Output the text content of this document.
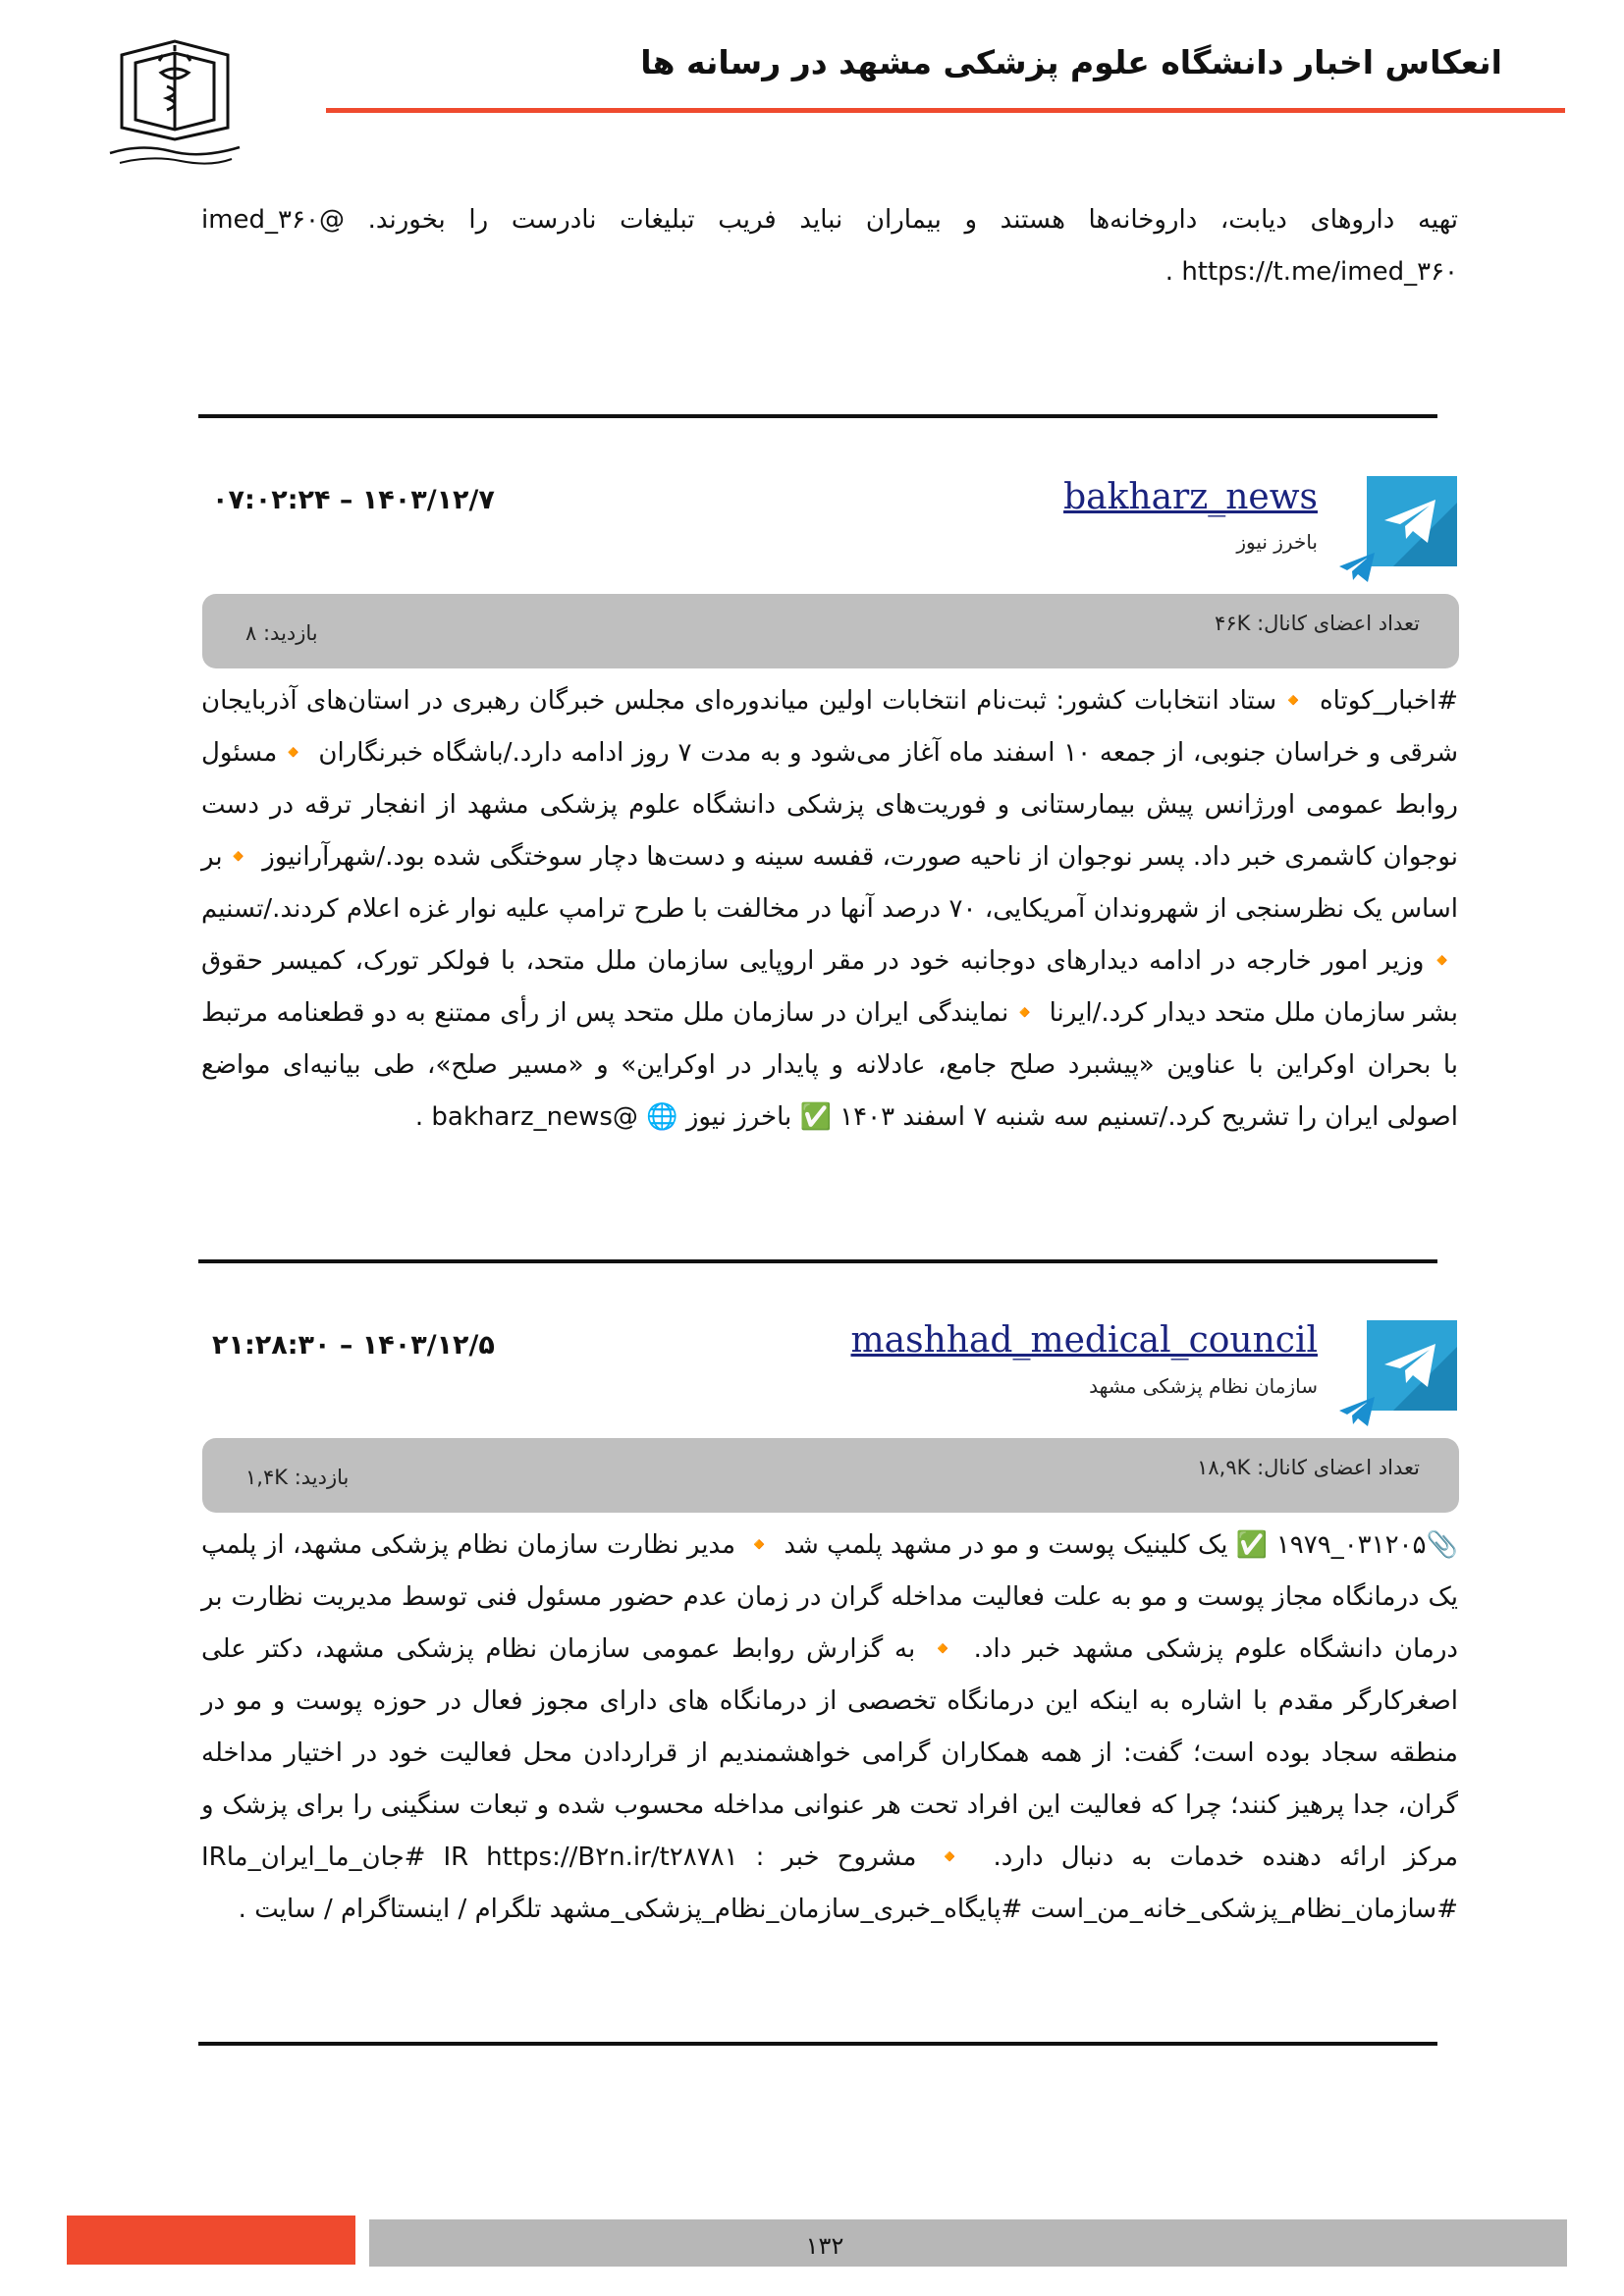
انعکاس اخبار دانشگاه علوم پزشکی مشهد در رسانه ها
تهیه داروهای دیابت، داروخانه‌ها هستند و بیماران نباید فریب تبلیغات نادرست را بخورند. @imed_۳۶۰ https://t.me/imed_۳۶۰ .
bakharz_news
باخرز نیوز
۱۴۰۳/۱۲/۷ – ۰۷:۰۲:۲۴
تعداد اعضای کانال: ۴۶K
بازدید: ۸
#اخبار_کوتاه 🔸ستاد انتخابات کشور: ثبت‌نام انتخابات اولین میاندوره‌ای مجلس خبرگان رهبری در استان‌های آذربایجان شرقی و خراسان جنوبی، از جمعه ۱۰ اسفند ماه آغاز می‌شود و به مدت ۷ روز ادامه دارد./باشگاه خبرنگاران 🔸مسئول روابط عمومی اورژانس پیش بیمارستانی و فوریت‌های پزشکی دانشگاه علوم پزشکی مشهد از انفجار ترقه در دست نوجوان کاشمری خبر داد. پسر نوجوان از ناحیه صورت، قفسه سینه و دست‌ها دچار سوختگی شده بود./شهرآرانیوز 🔸بر اساس یک نظرسنجی از شهروندان آمریکایی، ۷۰ درصد آنها در مخالفت با طرح ترامپ علیه نوار غزه اعلام کردند./تسنیم 🔸وزیر امور خارجه در ادامه دیدارهای دوجانبه خود در مقر اروپایی سازمان ملل متحد، با فولکر تورک، کمیسر حقوق بشر سازمان ملل متحد دیدار کرد./ایرنا 🔸نمایندگی ایران در سازمان ملل متحد پس از رأی ممتنع به دو قطعنامه مرتبط با بحران اوکراین با عناوین «پیشبرد صلح جامع، عادلانه و پایدار در اوکراین» و «مسیر صلح»، طی بیانیه‌ای مواضع اصولی ایران را تشریح کرد./تسنیم سه شنبه ۷ اسفند ۱۴۰۳ ✅ باخرز نیوز 🌐 @bakharz_news .
mashhad_medical_council
سازمان نظام پزشکی مشهد
۱۴۰۳/۱۲/۵ – ۲۱:۲۸:۳۰
تعداد اعضای کانال: ۱۸,۹K
بازدید: ۱,۴K
📎۰۳۱۲۰۵_۱۹۷۹ ✅ یک کلینیک پوست و مو در مشهد پلمپ شد 🔸 مدیر نظارت سازمان نظام پزشکی مشهد، از پلمپ یک درمانگاه مجاز پوست و مو به علت فعالیت مداخله گران در زمان عدم حضور مسئول فنی توسط مدیریت نظارت بر درمان دانشگاه علوم پزشکی مشهد خبر داد. 🔸 به گزارش روابط عمومی سازمان نظام پزشکی مشهد، دکتر علی اصغرکارگر مقدم با اشاره به اینکه این درمانگاه تخصصی از درمانگاه های دارای مجوز فعال در حوزه پوست و مو در منطقه سجاد بوده است؛ گفت: از همه همکاران گرامی خواهشمندیم از قراردادن محل فعالیت خود در اختیار مداخله گران، جدا پرهیز کنند؛ چرا که فعالیت این افراد تحت هر عنوانی مداخله محسوب شده و تبعات سنگینی را برای پزشک و مرکز ارائه دهنده خدمات به دنبال دارد. 🔸 مشروح خبر : IR https://B۲n.ir/t۲۸۷۸۱ #جان_ما_ایران_ماIR #سازمان_نظام_پزشکی_خانه_من_است #پایگاه_خبری_سازمان_نظام_پزشکی_مشهد تلگرام / اینستاگرام / سایت .
۱۳۲
